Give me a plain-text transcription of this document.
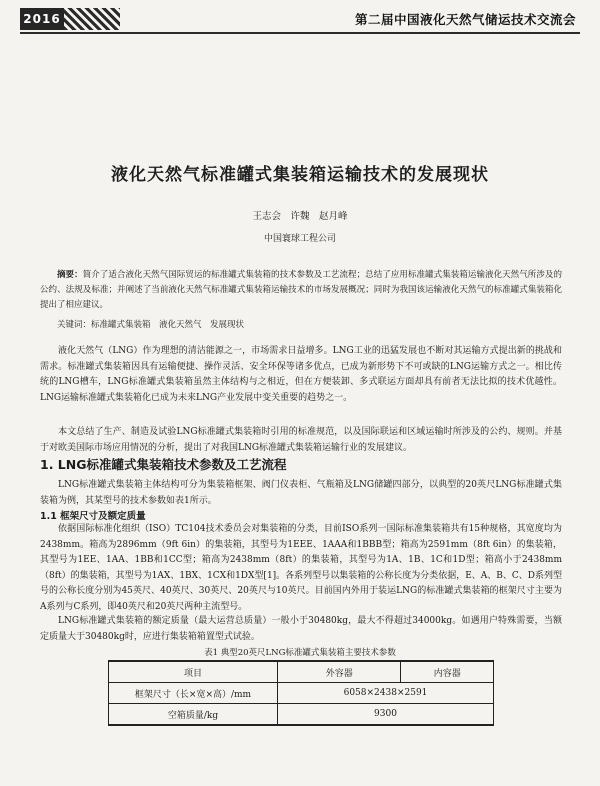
2016	第二届中国液化天然气储运技术交流会
液化天然气标准罐式集装箱运输技术的发展现状
王志会　许魏　赵月峰
中国寰球工程公司
摘要：简介了适合液化天然气国际贸运的标准罐式集装箱的技术参数及工艺流程；总结了应用标准罐式集装箱运输液化天然气所涉及的公约、法规及标准；并阐述了当前液化天然气标准罐式集装箱运输技术的市场发展概况；同时为我国该运输液化天然气的标准罐式集装箱化提出了相应建议。
关键词：标准罐式集装箱　液化天然气　发展现状
液化天然气（LNG）作为理想的清洁能源之一，市场需求日益增多。LNG工业的迅猛发展也不断对其运输方式提出新的挑战和需求。标准罐式集装箱因具有运输便捷、操作灵活、安全环保等诸多优点，已成为新形势下不可或缺的LNG运输方式之一。相比传统的LNG槽车，LNG标准罐式集装箱虽然主体结构与之相近，但在方便装卸、多式联运方面却具有前者无法比拟的技术优越性。LNG运输标准罐式集装箱化已成为未来LNG产业发展中变关重要的趋势之一。
本文总结了生产、制造及试验LNG标准罐式集装箱时引用的标准规范，以及国际联运和区域运输时所涉及的公约、规则。并基于对欧美国际市场应用情况的分析，提出了对我国LNG标准罐式集装箱运输行业的发展建议。
1. LNG标准罐式集装箱技术参数及工艺流程
LNG标准罐式集装箱主体结构可分为集装箱框架、阀门仪表柜、气瓶箱及LNG储罐四部分，以典型的20英尺LNG标准罐式集装箱为例，其某型号的技术参数如表1所示。
1.1 框架尺寸及额定质量
依据国际标准化组织（ISO）TC104技术委员会对集装箱的分类，目前ISO系列一国际标准集装箱共有15种规格，其宽度均为2438mm。箱高为2896mm（9ft 6in）的集装箱，其型号为1EEE、1AAA和1BBB型；箱高为2591mm（8ft 6in）的集装箱，其型号为1EE、1AA、1BB和1CC型；箱高为2438mm（8ft）的集装箱，其型号为1A、1B、1C和1D型；箱高小于2438mm（8ft）的集装箱，其型号为1AX、1BX、1CX和1DX型[1]。各系列型号以集装箱的公称长度为分类依据，E、A、B、C、D系列型号的公称长度分别为45英尺、40英尺、30英尺、20英尺与10英尺。目前国内外用于装运LNG的标准罐式集装箱的框架尺寸主要为A系列与C系列，即40英尺和20英尺两种主流型号。
LNG标准罐式集装箱的额定质量（最大运营总质量）一般小于30480kg，最大不得超过34000kg。如遇用户特殊需要，当额定质量大于30480kg时，应进行集装箱箱置型式试验。
表1 典型20英尺LNG标准罐式集装箱主要技术参数
项目	外容器	内容器
框架尺寸（长×宽×高）/mm	6058×2438×2591	
空箱质量/kg	9300	
